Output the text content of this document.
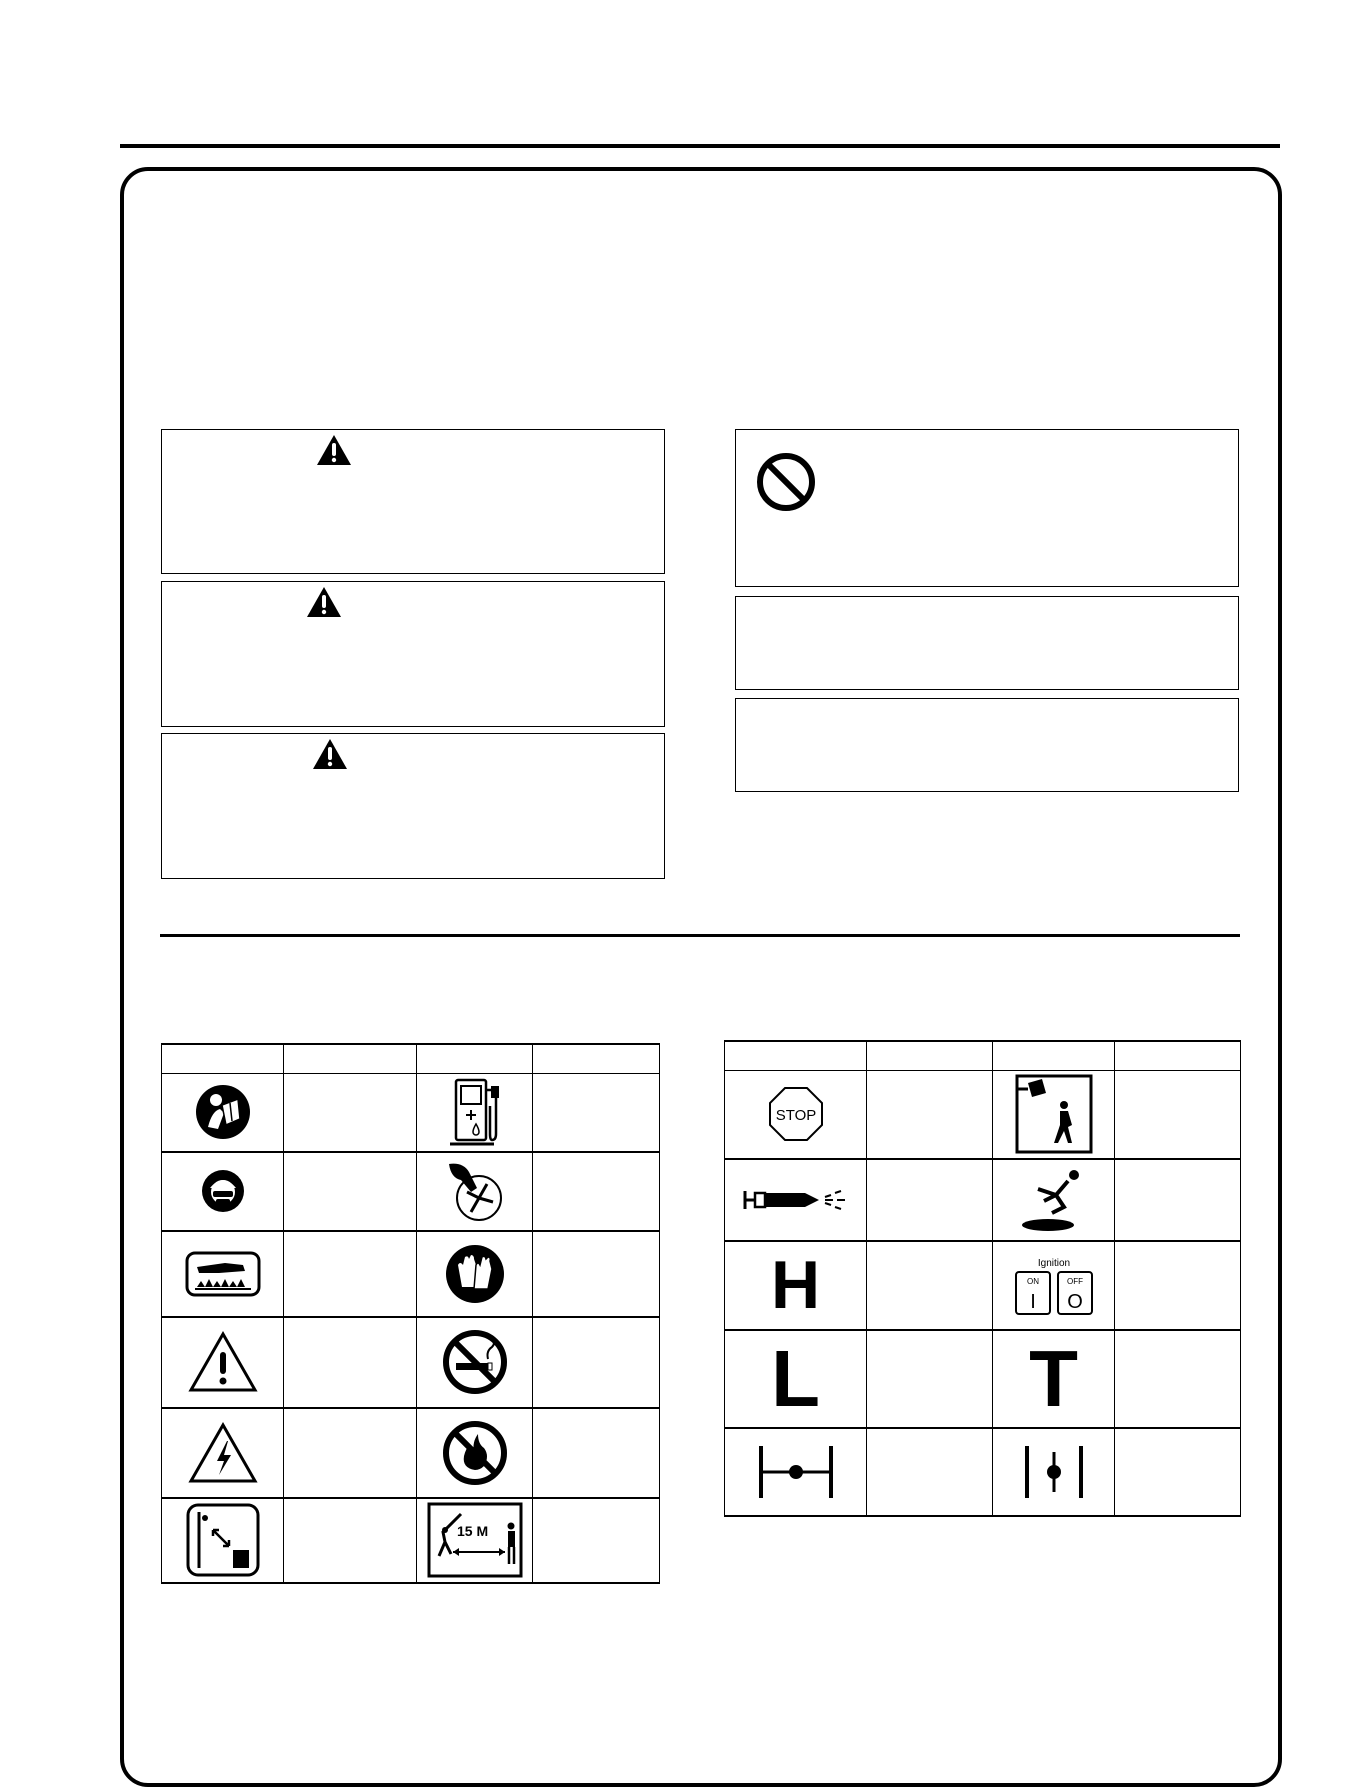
15 M	

STOP

H		Ignition
ON OFF
I O	

L		T	
